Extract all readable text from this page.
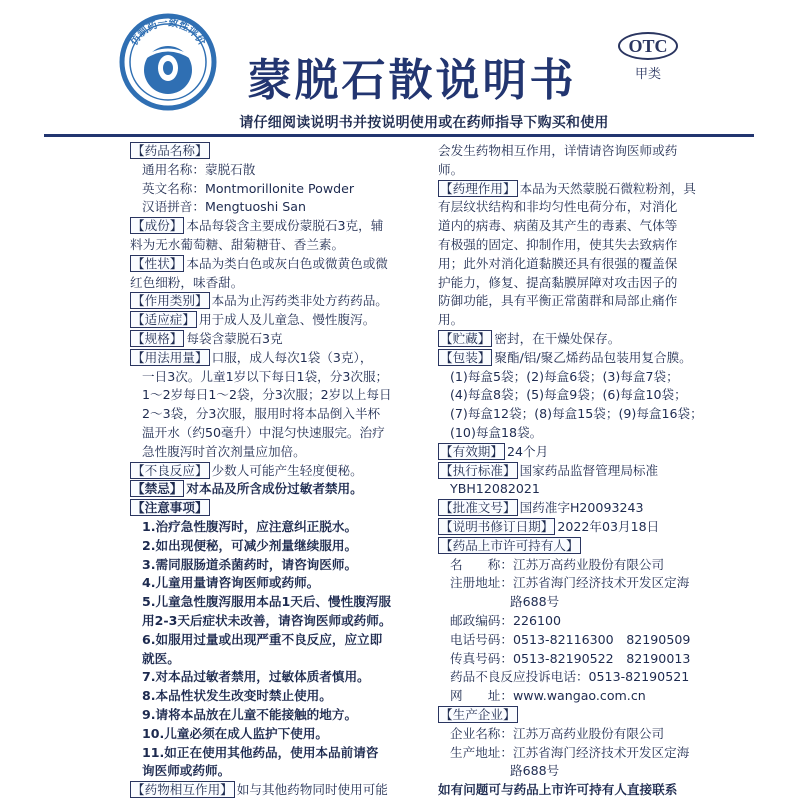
仿制药一致性评价	OTC
甲类
蒙脱石散说明书
请仔细阅读说明书并按说明使用或在药师指导下购买和使用
【药品名称】
通用名称：蒙脱石散
英文名称：Montmorillonite Powder
汉语拼音：Mengtuoshi San
【成份】 本品每袋含主要成份蒙脱石3克，辅
料为无水葡萄糖、甜菊糖苷、香兰素。
【性状】 本品为类白色或灰白色或微黄色或微
红色细粉，味香甜。
【作用类别】 本品为止泻药类非处方药药品。
【适应症】 用于成人及儿童急、慢性腹泻。
【规格】 每袋含蒙脱石3克
【用法用量】 口服，成人每次1袋（3克），
一日3次。儿童1岁以下每日1袋，分3次服；
1～2岁每日1～2袋，分3次服；2岁以上每日
2～3袋，分3次服，服用时将本品倒入半杯
温开水（约50毫升）中混匀快速服完。治疗
急性腹泻时首次剂量应加倍。
【不良反应】 少数人可能产生轻度便秘。
【禁忌】 对本品及所含成份过敏者禁用。
【注意事项】
1.治疗急性腹泻时，应注意纠正脱水。
2.如出现便秘，可减少剂量继续服用。
3.需同服肠道杀菌药时，请咨询医师。
4.儿童用量请咨询医师或药师。
5.儿童急性腹泻服用本品1天后、慢性腹泻服
用2-3天后症状未改善，请咨询医师或药师。
6.如服用过量或出现严重不良反应，应立即
就医。
7.对本品过敏者禁用，过敏体质者慎用。
8.本品性状发生改变时禁止使用。
9.请将本品放在儿童不能接触的地方。
10.儿童必须在成人监护下使用。
11.如正在使用其他药品，使用本品前请咨
询医师或药师。
【药物相互作用】 如与其他药物同时使用可能
会发生药物相互作用，详情请咨询医师或药
师。
【药理作用】 本品为天然蒙脱石微粒粉剂，具
有层纹状结构和非均匀性电荷分布，对消化
道内的病毒、病菌及其产生的毒素、气体等
有极强的固定、抑制作用，使其失去致病作
用；此外对消化道黏膜还具有很强的覆盖保
护能力，修复、提高黏膜屏障对攻击因子的
防御功能，具有平衡正常菌群和局部止痛作
用。
【贮藏】 密封，在干燥处保存。
【包装】 聚酯/铝/聚乙烯药品包装用复合膜。
(1)每盒5袋；(2)每盒6袋；(3)每盒7袋；
(4)每盒8袋；(5)每盒9袋；(6)每盒10袋；
(7)每盒12袋；(8)每盒15袋；(9)每盒16袋；
(10)每盒18袋。
【有效期】 24个月
【执行标准】 国家药品监督管理局标准
YBH12082021
【批准文号】 国药准字H20093243
【说明书修订日期】 2022年03月18日
【药品上市许可持有人】
名　　称：江苏万高药业股份有限公司
注册地址：江苏省海门经济技术开发区定海
路688号
邮政编码：226100
电话号码：0513-82116300　82190509
传真号码：0513-82190522　82190013
药品不良反应投诉电话：0513-82190521
网　　址：www.wangao.com.cn
【生产企业】
企业名称：江苏万高药业股份有限公司
生产地址：江苏省海门经济技术开发区定海
路688号
如有问题可与药品上市许可持有人直接联系
